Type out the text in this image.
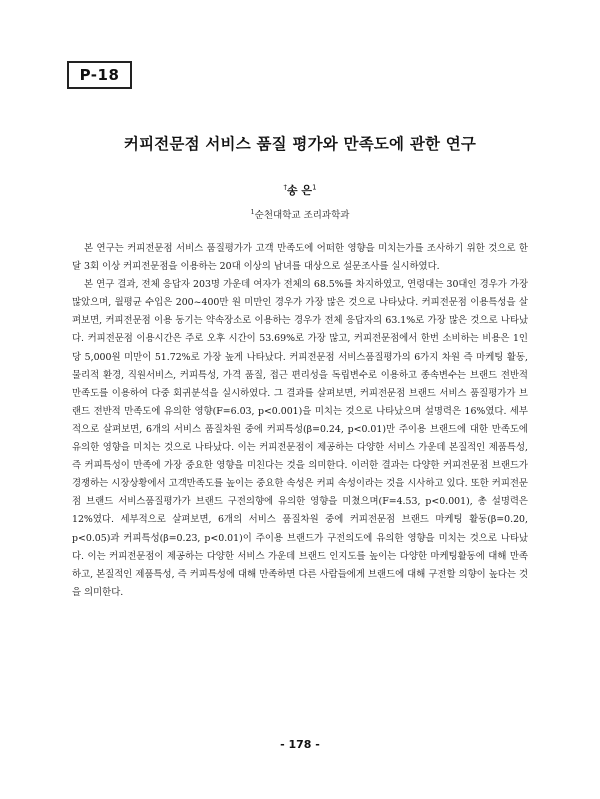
P-18
커피전문점 서비스 품질 평가와 만족도에 관한 연구
†송 은$^1$
$^1$순천대학교 조리과학과

본 연구는 커피전문점 서비스 품질평가가 고객 만족도에 어떠한 영향을 미치는가를 조사하기 위한 것으로 한 달 3회 이상 커피전문점을 이용하는 20대 이상의 남녀를 대상으로 설문조사를 실시하였다.

본 연구 결과, 전체 응답자 203명 가운데 여자가 전체의 68.5%를 차지하였고, 연령대는 30대인 경우가 가장 많았으며, 월평균 수입은 200~400만 원 미만인 경우가 가장 많은 것으로 나타났다. 커피전문점 이용특성을 살펴보면, 커피전문점 이용 동기는 약속장소로 이용하는 경우가 전체 응답자의 63.1%로 가장 많은 것으로 나타났다. 커피전문점 이용시간은 주로 오후 시간이 53.69%로 가장 많고, 커피전문점에서 한번 소비하는 비용은 1인당 5,000원 미만이 51.72%로 가장 높게 나타났다. 커피전문점 서비스품질평가의 6가지 차원 즉 마케팅 활동, 물리적 환경, 직원서비스, 커피특성, 가격 품질, 접근 편리성을 독립변수로 이용하고 종속변수는 브랜드 전반적 만족도를 이용하여 다중 회귀분석을 실시하였다. 그 결과를 살펴보면, 커피전문점 브랜드 서비스 품질평가가 브랜드 전반적 만족도에 유의한 영향(F=6.03, p<0.001)을 미치는 것으로 나타났으며 설명력은 16%였다. 세부적으로 살펴보면, 6개의 서비스 품질차원 중에 커피특성(β=0.24, p<0.01)만 주이용 브랜드에 대한 만족도에 유의한 영향을 미치는 것으로 나타났다. 이는 커피전문점이 제공하는 다양한 서비스 가운데 본질적인 제품특성, 즉 커피특성이 만족에 가장 중요한 영향을 미친다는 것을 의미한다. 이러한 결과는 다양한 커피전문점 브랜드가 경쟁하는 시장상황에서 고객만족도를 높이는 중요한 속성은 커피 속성이라는 것을 시사하고 있다. 또한 커피전문점 브랜드 서비스품질평가가 브랜드 구전의향에 유의한 영향을 미쳤으며(F=4.53, p<0.001), 총 설명력은 12%였다. 세부적으로 살펴보면, 6개의 서비스 품질차원 중에 커피전문점 브랜드 마케팅 활동(β=0.20, p<0.05)과 커피특성(β=0.23, p<0.01)이 주이용 브랜드가 구전의도에 유의한 영향을 미치는 것으로 나타났다. 이는 커피전문점이 제공하는 다양한 서비스 가운데 브랜드 인지도를 높이는 다양한 마케팅활동에 대해 만족하고, 본질적인 제품특성, 즉 커피특성에 대해 만족하면 다른 사람들에게 브랜드에 대해 구전할 의향이 높다는 것을 의미한다.

- 178 -
